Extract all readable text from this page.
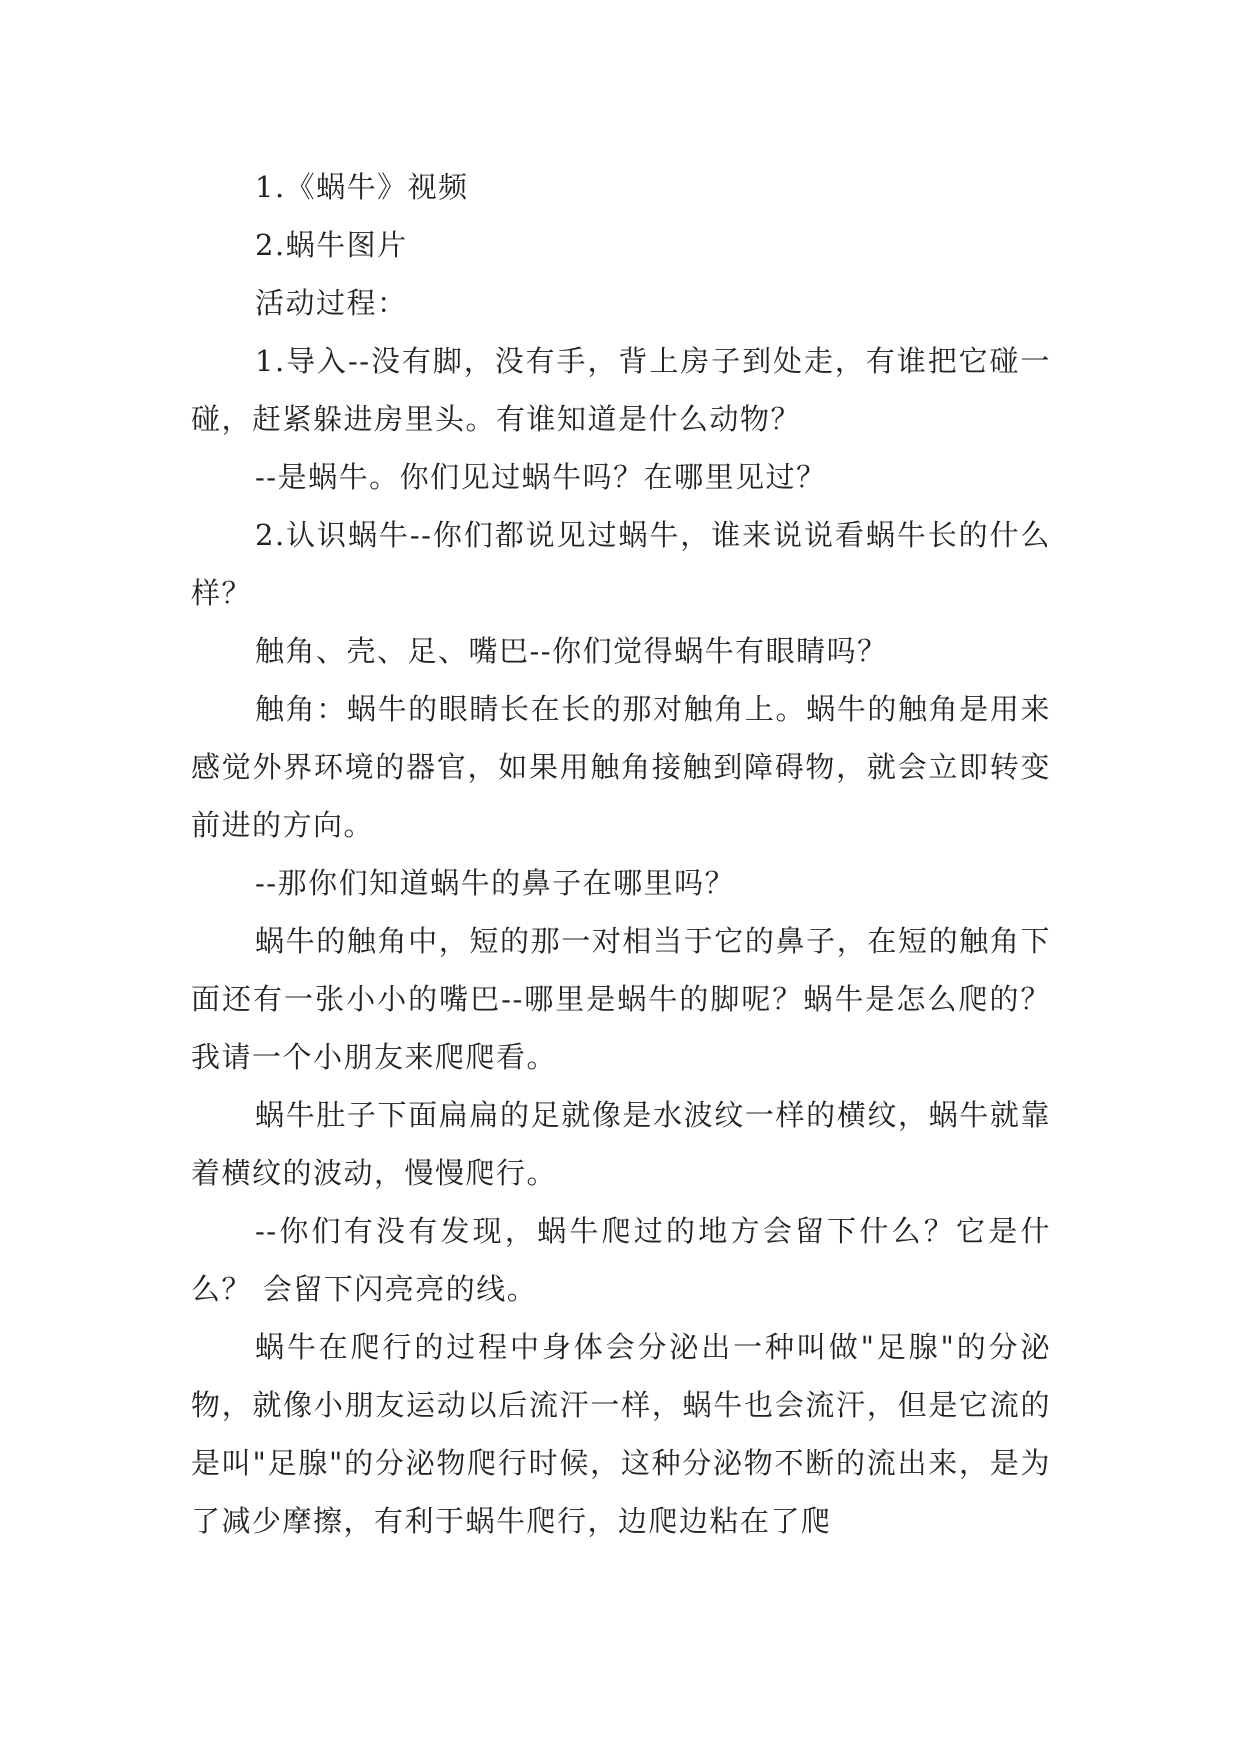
1.《蜗牛》视频

2.蜗牛图片

活动过程：

1.导入--没有脚，没有手，背上房子到处走，有谁把它碰一碰，赶紧躲进房里头。有谁知道是什么动物？

--是蜗牛。你们见过蜗牛吗？在哪里见过？

2.认识蜗牛--你们都说见过蜗牛，谁来说说看蜗牛长的什么样？

触角、壳、足、嘴巴--你们觉得蜗牛有眼睛吗？

触角：蜗牛的眼睛长在长的那对触角上。蜗牛的触角是用来感觉外界环境的器官，如果用触角接触到障碍物，就会立即转变前进的方向。

--那你们知道蜗牛的鼻子在哪里吗？

蜗牛的触角中，短的那一对相当于它的鼻子，在短的触角下面还有一张小小的嘴巴--哪里是蜗牛的脚呢？蜗牛是怎么爬的？我请一个小朋友来爬爬看。

蜗牛肚子下面扁扁的足就像是水波纹一样的横纹，蜗牛就靠着横纹的波动，慢慢爬行。

--你们有没有发现，蜗牛爬过的地方会留下什么？它是什么？ 会留下闪亮亮的线。

蜗牛在爬行的过程中身体会分泌出一种叫做"足腺"的分泌物，就像小朋友运动以后流汗一样，蜗牛也会流汗，但是它流的是叫"足腺"的分泌物爬行时候，这种分泌物不断的流出来，是为了减少摩擦，有利于蜗牛爬行，边爬边粘在了爬
